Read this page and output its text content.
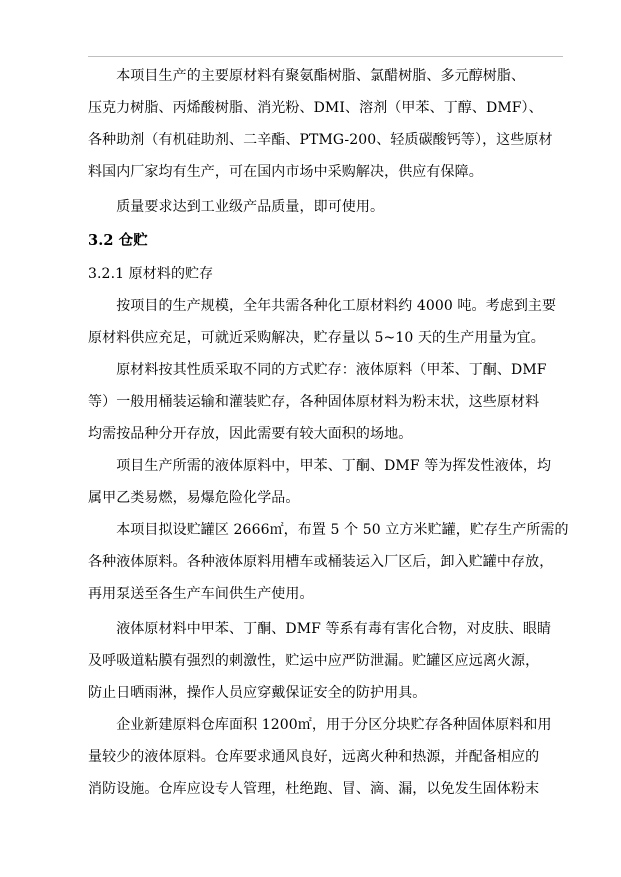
　　本项目生产的主要原材料有聚氨酯树脂、氯醋树脂、多元醇树脂、
压克力树脂、丙烯酸树脂、消光粉、DMI、溶剂（甲苯、丁醇、DMF）、
各种助剂（有机硅助剂、二辛酯、PTMG-200、轻质碳酸钙等），这些原材
料国内厂家均有生产，可在国内市场中采购解决，供应有保障。
　　质量要求达到工业级产品质量，即可使用。
3.2 仓贮
3.2.1 原材料的贮存
　　按项目的生产规模，全年共需各种化工原材料约 4000 吨。考虑到主要
原材料供应充足，可就近采购解决，贮存量以 5~10 天的生产用量为宜。
　　原材料按其性质采取不同的方式贮存：液体原料（甲苯、丁酮、DMF
等）一般用桶装运输和灌装贮存，各种固体原材料为粉末状，这些原材料
均需按品种分开存放，因此需要有较大面积的场地。
　　项目生产所需的液体原料中，甲苯、丁酮、DMF 等为挥发性液体，均
属甲乙类易燃，易爆危险化学品。
　　本项目拟设贮罐区 2666㎡，布置 5 个 50 立方米贮罐，贮存生产所需的
各种液体原料。各种液体原料用槽车或桶装运入厂区后，卸入贮罐中存放，
再用泵送至各生产车间供生产使用。
　　液体原材料中甲苯、丁酮、DMF 等系有毒有害化合物，对皮肤、眼睛
及呼吸道粘膜有强烈的刺激性，贮运中应严防泄漏。贮罐区应远离火源，
防止日晒雨淋，操作人员应穿戴保证安全的防护用具。
　　企业新建原料仓库面积 1200㎡，用于分区分块贮存各种固体原料和用
量较少的液体原料。仓库要求通风良好，远离火种和热源，并配备相应的
消防设施。仓库应设专人管理，杜绝跑、冒、滴、漏，以免发生固体粉末
